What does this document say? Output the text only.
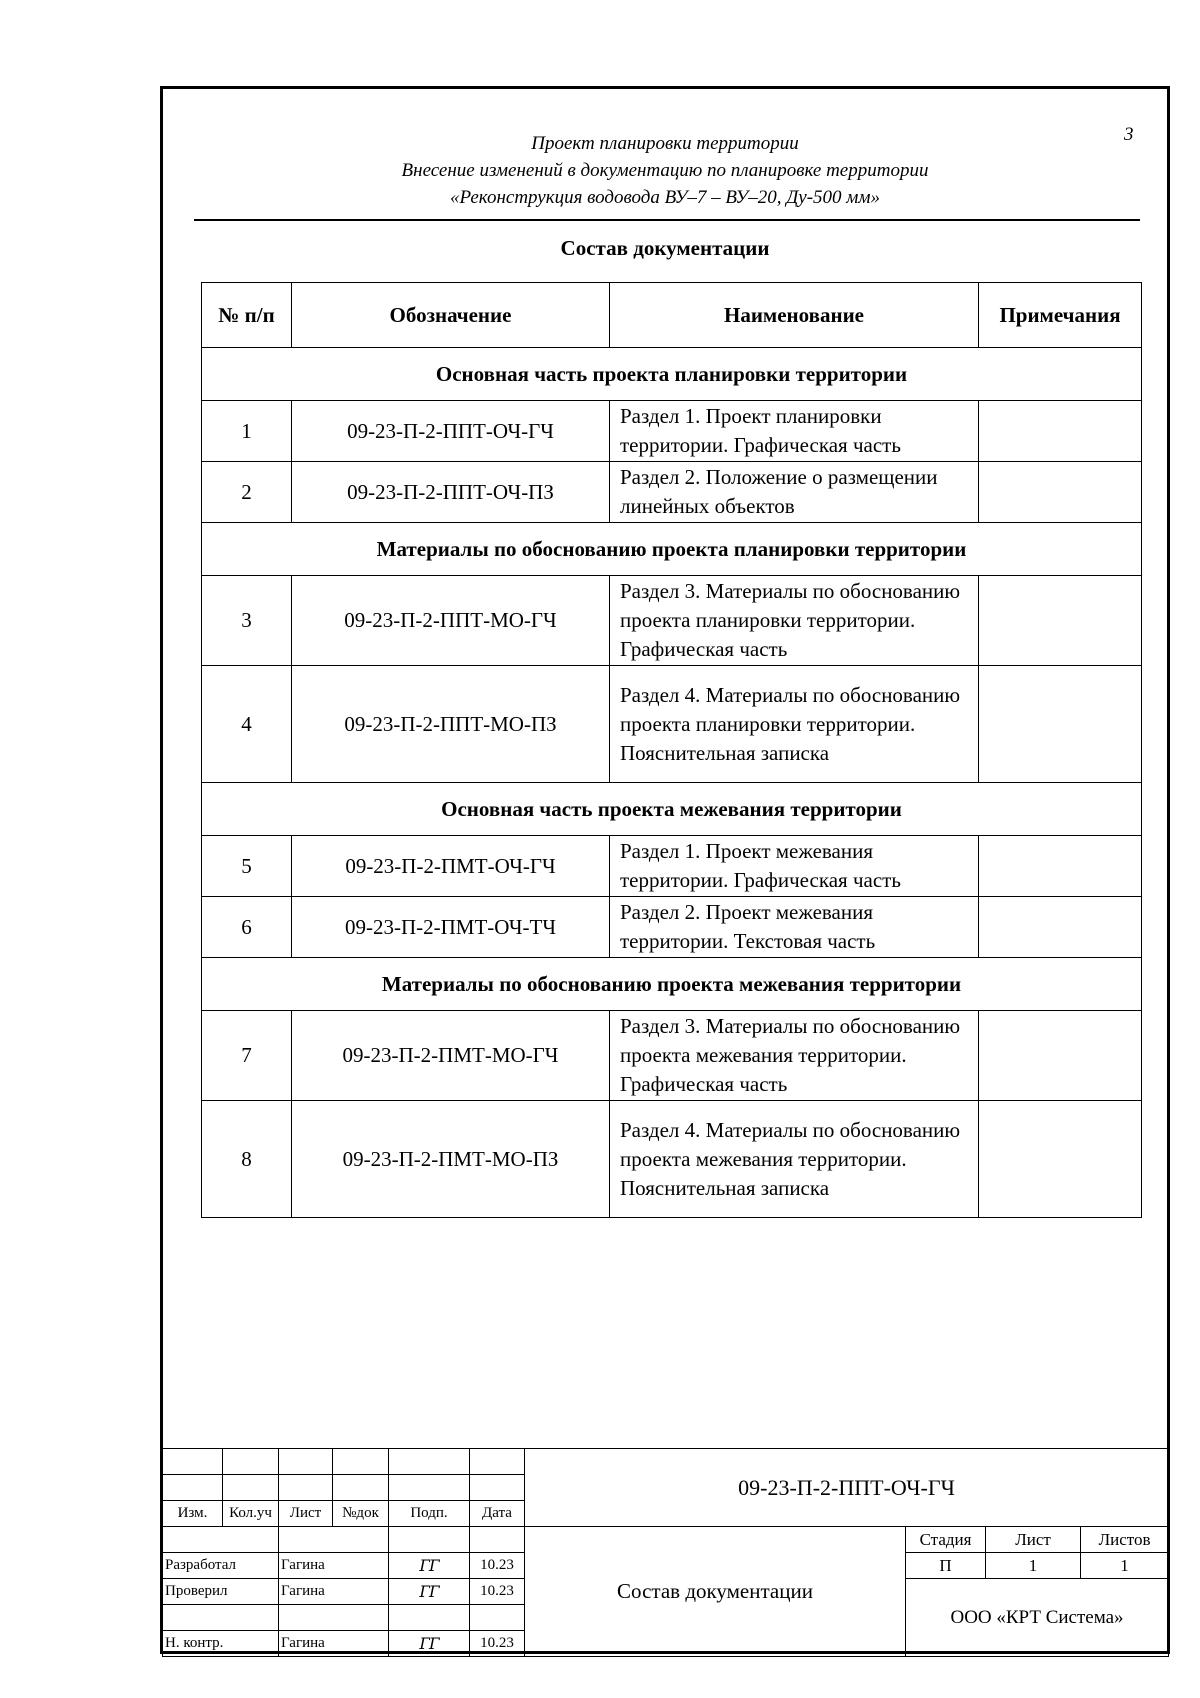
Проект планировки территории
Внесение изменений в документацию по планировке территории
«Реконструкция водовода ВУ–7 – ВУ–20, Ду-500 мм»
3
Состав документации
№ п/п	Обозначение	Наименование	Примечания
Основная часть проекта планировки территории			
1	09-23-П-2-ППТ-ОЧ-ГЧ	Раздел 1. Проект планировки территории. Графическая часть	
2	09-23-П-2-ППТ-ОЧ-ПЗ	Раздел 2. Положение о размещении линейных объектов	
Материалы по обоснованию проекта планировки территории			
3	09-23-П-2-ППТ-МО-ГЧ	Раздел 3. Материалы по обоснованию проекта планировки территории. Графическая часть	
4	09-23-П-2-ППТ-МО-ПЗ	Раздел 4. Материалы по обоснованию проекта планировки территории. Пояснительная записка	
Основная часть проекта межевания территории			
5	09-23-П-2-ПМТ-ОЧ-ГЧ	Раздел 1. Проект межевания территории. Графическая часть	
6	09-23-П-2-ПМТ-ОЧ-ТЧ	Раздел 2. Проект межевания территории. Текстовая часть	
Материалы по обоснованию проекта межевания территории			
7	09-23-П-2-ПМТ-МО-ГЧ	Раздел 3. Материалы по обоснованию проекта межевания территории. Графическая часть	
8	09-23-П-2-ПМТ-МО-ПЗ	Раздел 4. Материалы по обоснованию проекта межевания территории. Пояснительная записка	
						09-23-П-2-ППТ-ОЧ-ГЧ			

Изм.	Кол.уч	Лист	№док	Подп.	Дата				
						Состав документации	Стадия	Лист	Листов
Разработал		Гагина		ГГ	10.23		П	1	1
Проверил		Гагина		ГГ	10.23		ООО «КРТ Система»		

Н. контр.		Гагина		ГГ	10.23				
